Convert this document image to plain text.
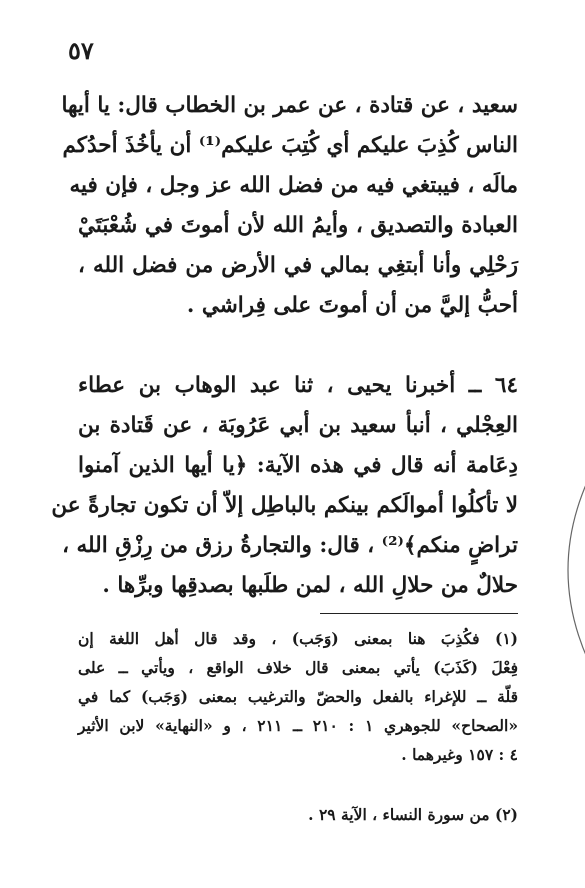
٥٧
سعيد ، عن قتادة ، عن عمر بن الخطاب قال: يا أيها
الناس كُذِبَ عليكم أي كُتِبَ عليكم⁽¹⁾ أن يأخُذَ أحدُكم
مالَه ، فيبتغي فيه من فضل الله عز وجل ، فإن فيه
العبادة والتصديق ، وأيمُ الله لأن أموتَ في شُعْبَتَيْ
رَحْلِي وأنا أبتغِي بمالي في الأرض من فضل الله ،
أحبُّ إليَّ من أن أموتَ على فِراشي .
٦٤ ــ أخبرنا يحيى ، ثنا عبد الوهاب بن عطاء
العِجْلي ، أنبأ سعيد بن أبي عَرُوبَة ، عن قَتادة بن
دِعَامة أنه قال في هذه الآية: ﴿يا أيها الذين آمنوا
لا تأكلُوا أموالَكم بينكم بالباطِل إلاّ أن تكون تجارةً عن
تراضٍ منكم﴾⁽²⁾ ، قال: والتجارةُ رزق من رِزْقِ الله ،
حلالٌ من حلالِ الله ، لمن طلَبها بصدقِها وبرِّها .
(١) فكُذِبَ هنا بمعنى (وَجَب) ، وقد قال أهل اللغة إن
فِعْلَ (كَذَبَ) يأتي بمعنى قال خلاف الواقع ، ويأتي ــ على
قلّة ــ للإغراء بالفعل والحضّ والترغيب بمعنى (وَجَب) كما في
«الصحاح» للجوهري ١ : ٢١٠ ــ ٢١١ ، و «النهاية» لابن الأثير
٤ : ١٥٧ وغيرهما .
(٢) من سورة النساء ، الآية ٢٩ .
